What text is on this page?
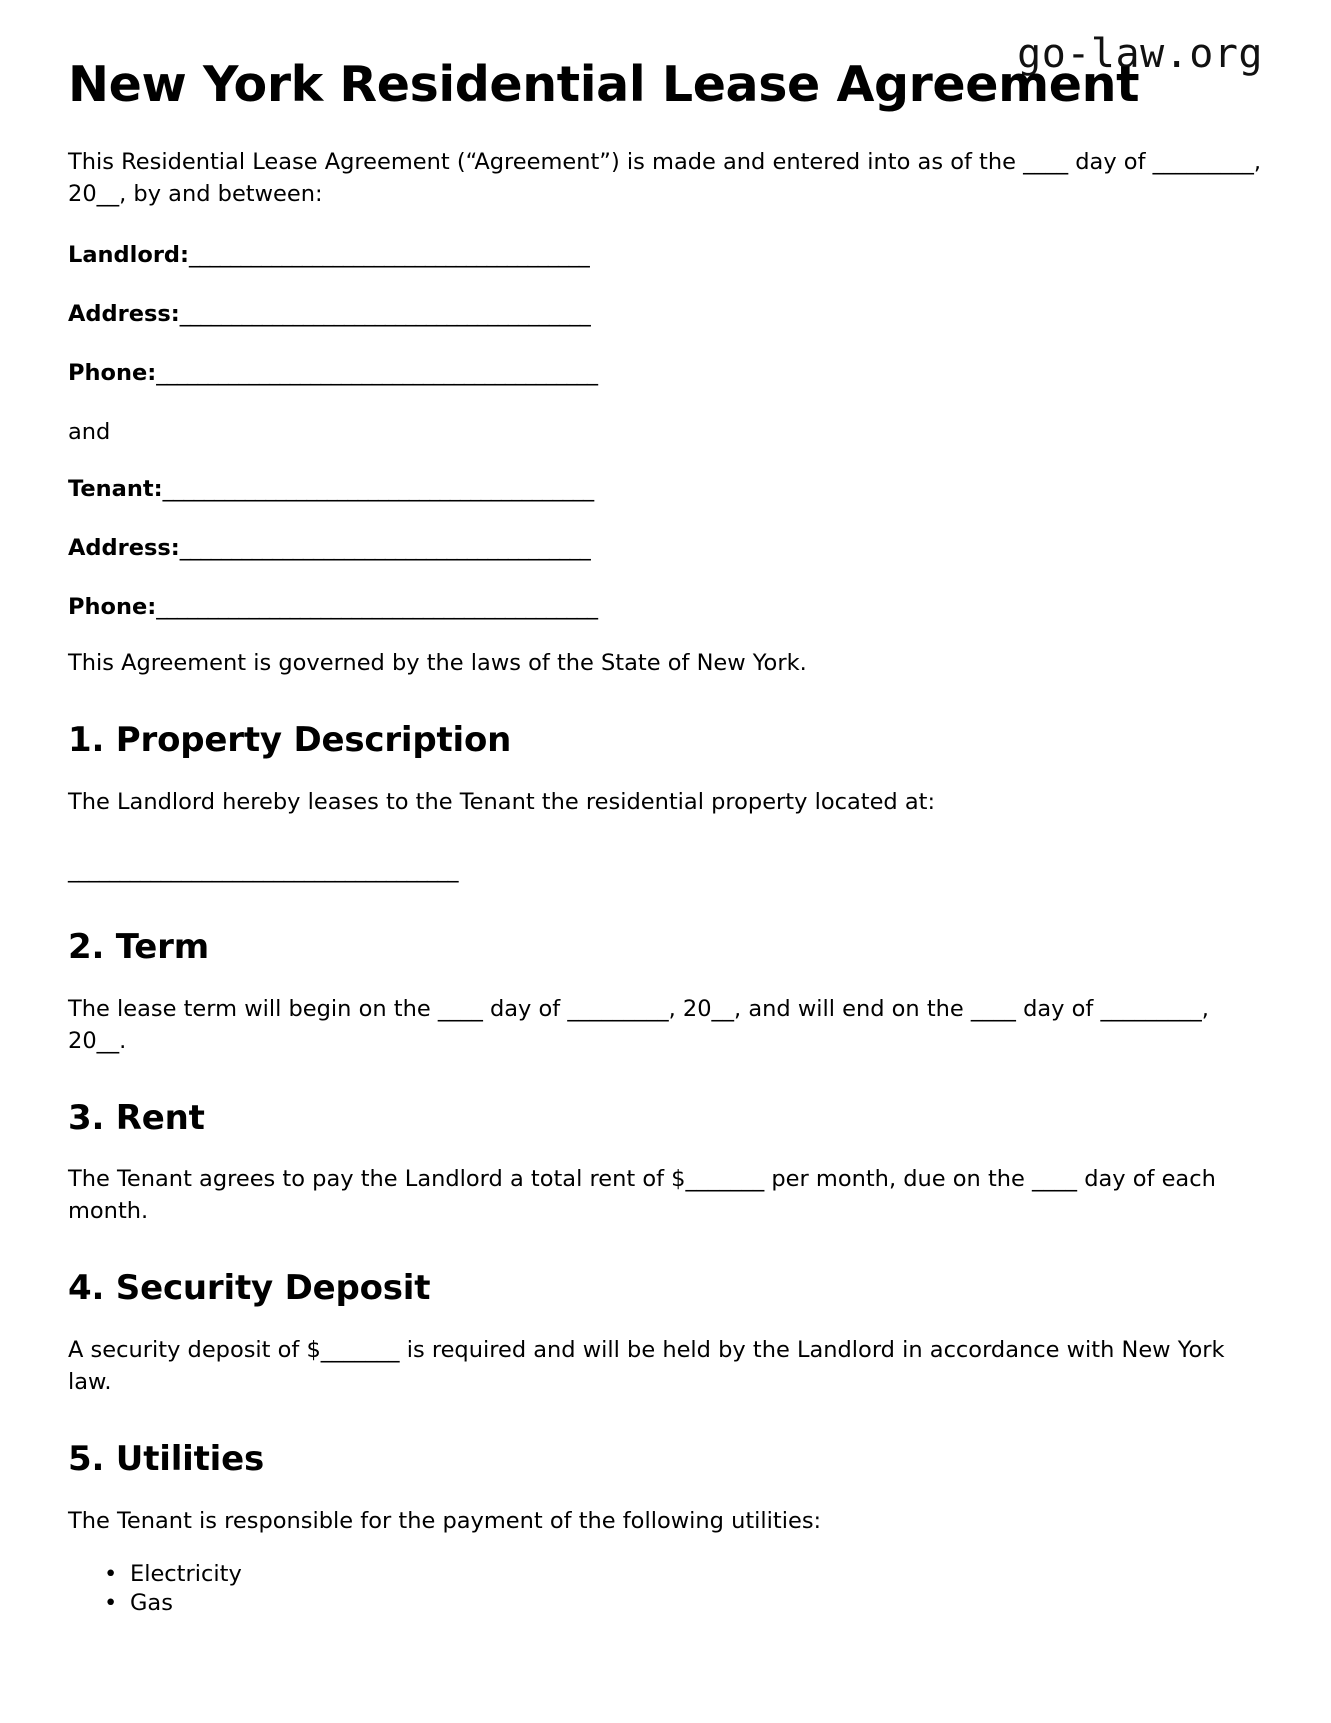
go-law.org
New York Residential Lease Agreement

This Residential Lease Agreement (“Agreement”) is made and entered into as of the ____ day of _________, 20__, by and between:

Landlord:_______________________________________
Address:________________________________________
Phone:___________________________________________
and
Tenant:__________________________________________
Address:________________________________________
Phone:___________________________________________

This Agreement is governed by the laws of the State of New York.

1. Property Description

The Landlord hereby leases to the Tenant the residential property located at:

______________________________________
2. Term

The lease term will begin on the ____ day of _________, 20__, and will end on the ____ day of _________, 20__.

3. Rent

The Tenant agrees to pay the Landlord a total rent of $_______ per month, due on the ____ day of each month.

4. Security Deposit

A security deposit of $_______ is required and will be held by the Landlord in accordance with New York law.

5. Utilities

The Tenant is responsible for the payment of the following utilities:

• Electricity
• Gas
